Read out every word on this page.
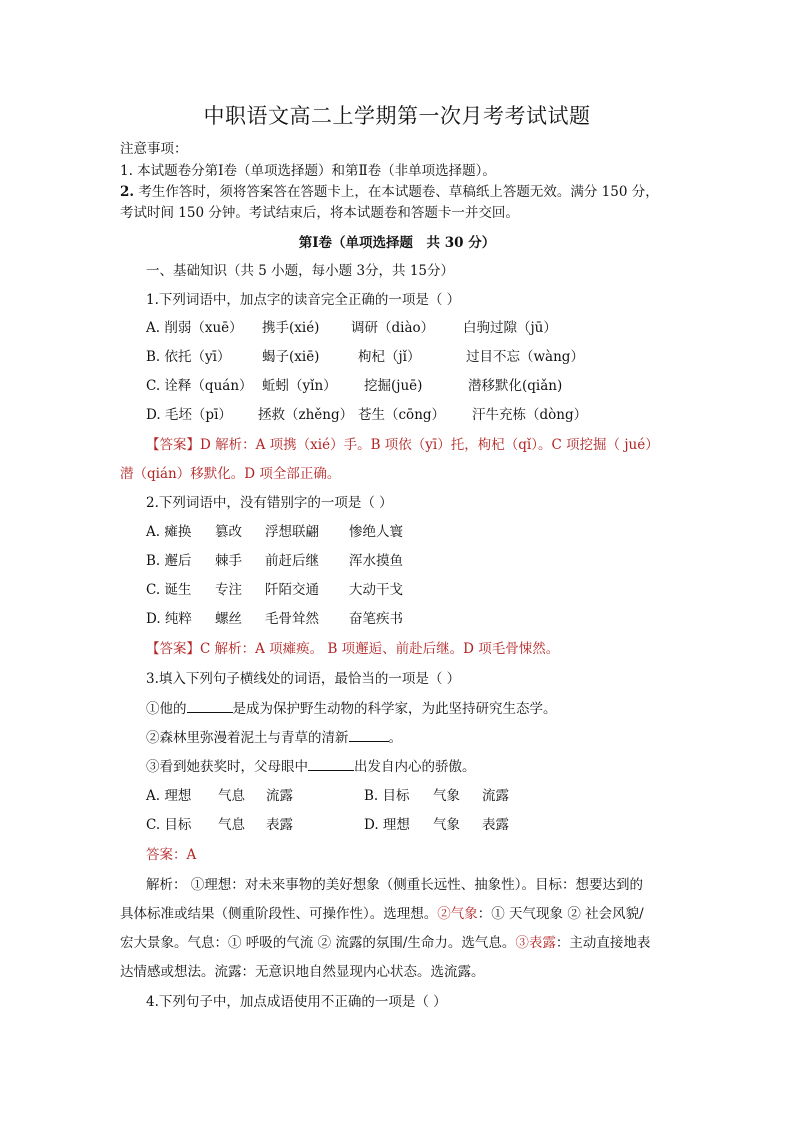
中职语文高二上学期第一次月考考试试题
注意事项：
1. 本试题卷分第Ⅰ卷（单项选择题）和第Ⅱ卷（非单项选择题）。
2. 考生作答时，须将答案答在答题卡上，在本试题卷、草稿纸上答题无效。满分 150 分，
考试时间 150 分钟。考试结束后，将本试题卷和答题卡一并交回。
第Ⅰ卷（单项选择题　共 30 分）
一、基础知识（共 5 小题，每小题 3分，共 15分）
1.下列词语中，加点字的读音完全正确的一项是（ ）
A. 削弱（xuē） 携手(xié) 调研（diào） 白驹过隙（jū）
B. 依托（yī） 蝎子(xiē)	枸杞（jǐ）	过目不忘（wàng）
C. 诠释（quán） 蚯蚓（yǐn） 挖掘(juē)	潜移默化(qiǎn)
D. 毛坯（pī） 拯救（zhěng） 苍生（cōng） 汗牛充栋（dòng）
【答案】D 解析：A 项携（xié）手。B 项依（yī）托，枸杞（qǐ）。C 项挖掘（ jué）
潜（qián）移默化。D 项全部正确。
2.下列词语中，没有错别字的一项是（ ）
A. 瘫换 篡改 浮想联翩 惨绝人寰
B. 邂后 棘手 前赶后继 浑水摸鱼
C. 诞生 专注 阡陌交通 大动干戈
D. 纯粹 螺丝 毛骨耸然 奋笔疾书
【答案】C 解析：A 项瘫痪。 B 项邂逅、前赴后继。D 项毛骨悚然。
3.填入下列句子横线处的词语，最恰当的一项是（ ）
①他的	是成为保护野生动物的科学家，为此坚持研究生态学。
②森林里弥漫着泥土与青草的清新	。
③看到她获奖时，父母眼中	出发自内心的骄傲。
A. 理想 气息 流露	B. 目标 气象 流露
C. 目标 气息 表露	D. 理想 气象 表露
答案：A
解析： ①理想：对未来事物的美好想象（侧重长远性、抽象性）。目标：想要达到的
具体标准或结果（侧重阶段性、可操作性）。选理想。②气象：① 天气现象 ② 社会风貌/
宏大景象。气息：① 呼吸的气流 ② 流露的氛围/生命力。选气息。③表露：主动直接地表
达情感或想法。流露：无意识地自然显现内心状态。选流露。
4.下列句子中，加点成语使用不正确的一项是（ ）
